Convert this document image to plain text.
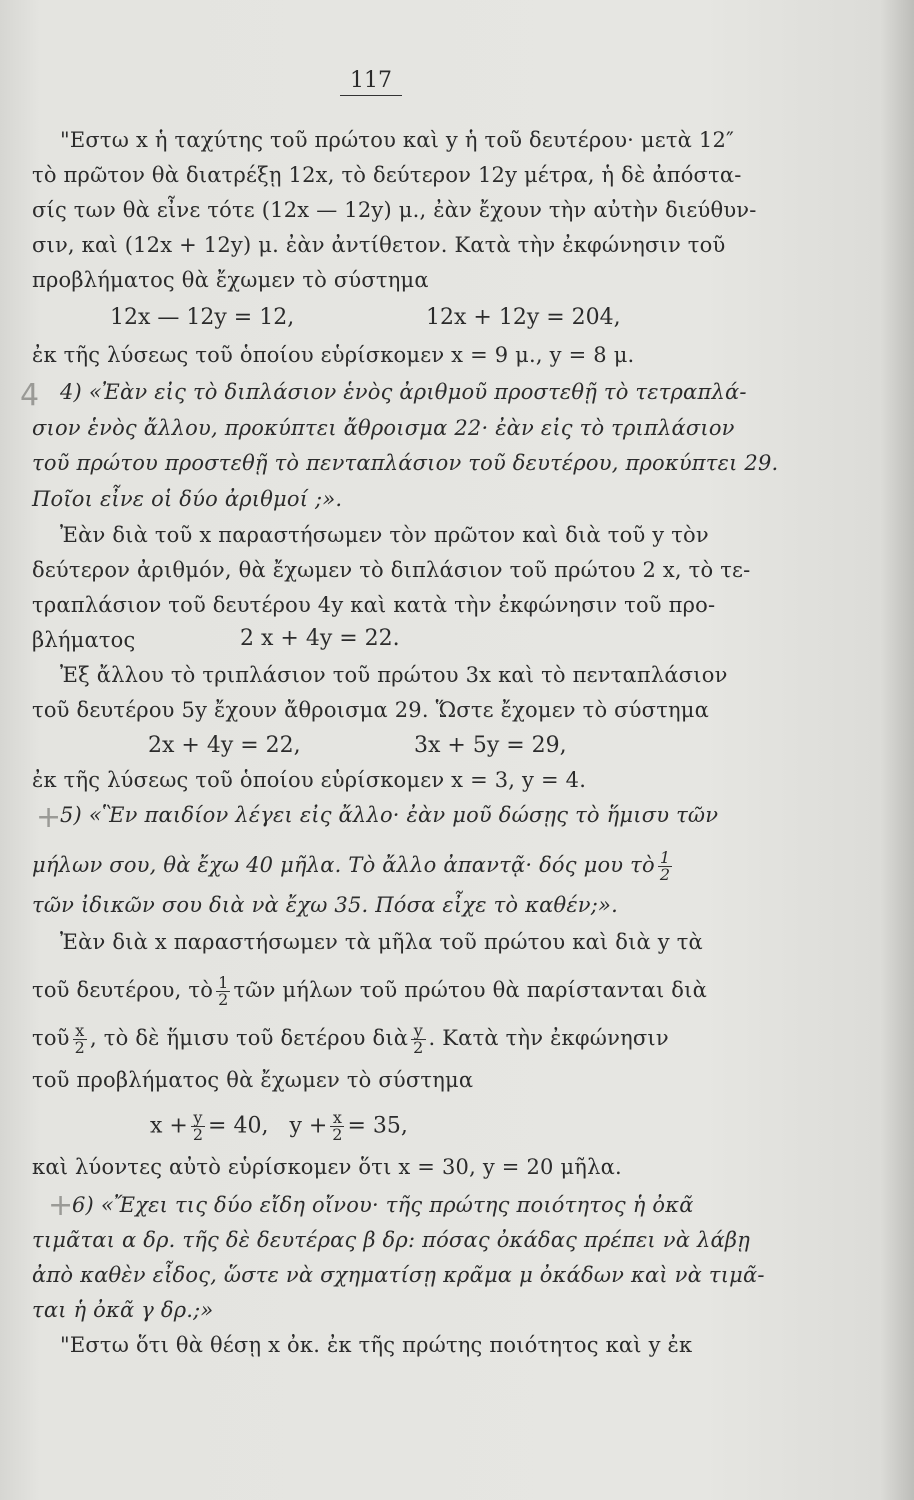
117
"Εστω x ἡ ταχύτης τοῦ πρώτου καὶ y ἡ τοῦ δευτέρου· μετὰ 12″
τὸ πρῶτον θὰ διατρέξῃ 12x, τὸ δεύτερον 12y μέτρα, ἡ δὲ ἀπόστα-
σίς των θὰ εἶνε τότε (12x — 12y) μ., ἐὰν ἔχουν τὴν αὐτὴν διεύθυν-
σιν, καὶ (12x + 12y) μ. ἐὰν ἀντίθετον. Κατὰ τὴν ἐκφώνησιν τοῦ
προβλήματος θὰ ἔχωμεν τὸ σύστημα
12x — 12y = 12,	12x + 12y = 204,
ἐκ τῆς λύσεως τοῦ ὁποίου εὑρίσκομεν x = 9 μ., y = 8 μ.
4 4) «Ἐὰν εἰς τὸ διπλάσιον ἑνὸς ἀριθμοῦ προστεθῇ τὸ τετραπλά-
σιον ἑνὸς ἄλλου, προκύπτει ἄθροισμα 22· ἐὰν εἰς τὸ τριπλάσιον
τοῦ πρώτου προστεθῇ τὸ πενταπλάσιον τοῦ δευτέρου, προκύπτει 29.
Ποῖοι εἶνε οἱ δύο ἀριθμοί ;».
Ἐὰν διὰ τοῦ x παραστήσωμεν τὸν πρῶτον καὶ διὰ τοῦ y τὸν
δεύτερον ἀριθμόν, θὰ ἔχωμεν τὸ διπλάσιον τοῦ πρώτου 2 x, τὸ τε-
τραπλάσιον τοῦ δευτέρου 4y καὶ κατὰ τὴν ἐκφώνησιν τοῦ προ-
βλήματος	2 x + 4y = 22.
Ἐξ ἄλλου τὸ τριπλάσιον τοῦ πρώτου 3x καὶ τὸ πενταπλάσιον
τοῦ δευτέρου 5y ἔχουν ἄθροισμα 29. Ὥστε ἔχομεν τὸ σύστημα
2x + 4y = 22,	3x + 5y = 29,
ἐκ τῆς λύσεως τοῦ ὁποίου εὑρίσκομεν x = 3, y = 4.
+
5) «Ἓν παιδίον λέγει εἰς ἄλλο· ἐὰν μοῦ δώσῃς τὸ ἥμισυ τῶν
μήλων σου, θὰ ἔχω 40 μῆλα. Τὸ ἄλλο ἀπαντᾷ· δός μου τὸ $\frac{1}{2}$
τῶν ἰδικῶν σου διὰ νὰ ἔχω 35. Πόσα εἶχε τὸ καθέν;».
Ἐὰν διὰ x παραστήσωμεν τὰ μῆλα τοῦ πρώτου καὶ διὰ y τὰ
τοῦ δευτέρου, τὸ $\frac{1}{2}$ τῶν μήλων τοῦ πρώτου θὰ παρίστανται διὰ
τοῦ $\frac{x}{2}$ , τὸ δὲ ἥμισυ τοῦ δετέρου διὰ $\frac{y}{2}$ . Κατὰ τὴν ἐκφώνησιν
τοῦ προβλήματος θὰ ἔχωμεν τὸ σύστημα
$x + \frac{y}{2} = 40$, $y + \frac{x}{2} = 35$,
καὶ λύοντες αὐτὸ εὑρίσκομεν ὅτι x = 30, y = 20 μῆλα.
+
6) «Ἔχει τις δύο εἴδη οἴνου· τῆς πρώτης ποιότητος ἡ ὀκᾶ
τιμᾶται α δρ. τῆς δὲ δευτέρας β δρ: πόσας ὀκάδας πρέπει νὰ λάβῃ
ἀπὸ καθὲν εἶδος, ὥστε νὰ σχηματίσῃ κρᾶμα μ ὀκάδων καὶ νὰ τιμᾶ-
ται ἡ ὀκᾶ γ δρ.;»
"Εστω ὅτι θὰ θέσῃ x ὀκ. ἐκ τῆς πρώτης ποιότητος καὶ y ἐκ
